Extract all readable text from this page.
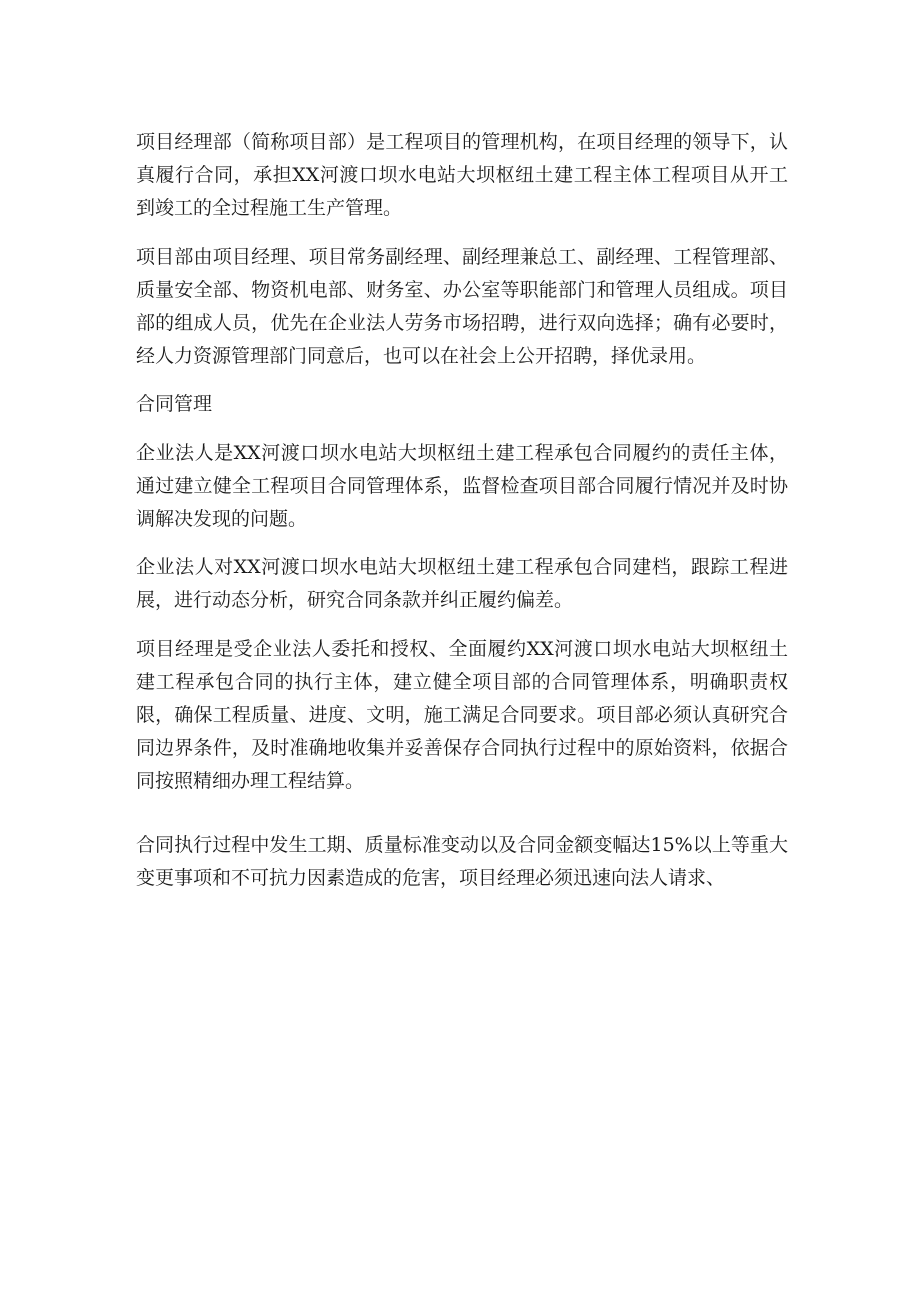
项目经理部（简称项目部）是工程项目的管理机构，在项目经理的领导下，认真履行合同，承担XX河渡口坝水电站大坝枢纽土建工程主体工程项目从开工到竣工的全过程施工生产管理。

项目部由项目经理、项目常务副经理、副经理兼总工、副经理、工程管理部、质量安全部、物资机电部、财务室、办公室等职能部门和管理人员组成。项目部的组成人员，优先在企业法人劳务市场招聘，进行双向选择；确有必要时，经人力资源管理部门同意后，也可以在社会上公开招聘，择优录用。

合同管理

企业法人是XX河渡口坝水电站大坝枢纽土建工程承包合同履约的责任主体，通过建立健全工程项目合同管理体系，监督检查项目部合同履行情况并及时协调解决发现的问题。

企业法人对XX河渡口坝水电站大坝枢纽土建工程承包合同建档，跟踪工程进展，进行动态分析，研究合同条款并纠正履约偏差。

项目经理是受企业法人委托和授权、全面履约XX河渡口坝水电站大坝枢纽土建工程承包合同的执行主体，建立健全项目部的合同管理体系，明确职责权限，确保工程质量、进度、文明，施工满足合同要求。项目部必须认真研究合同边界条件，及时准确地收集并妥善保存合同执行过程中的原始资料，依据合同按照精细办理工程结算。

合同执行过程中发生工期、质量标准变动以及合同金额变幅达15%以上等重大变更事项和不可抗力因素造成的危害，项目经理必须迅速向法人请求、
